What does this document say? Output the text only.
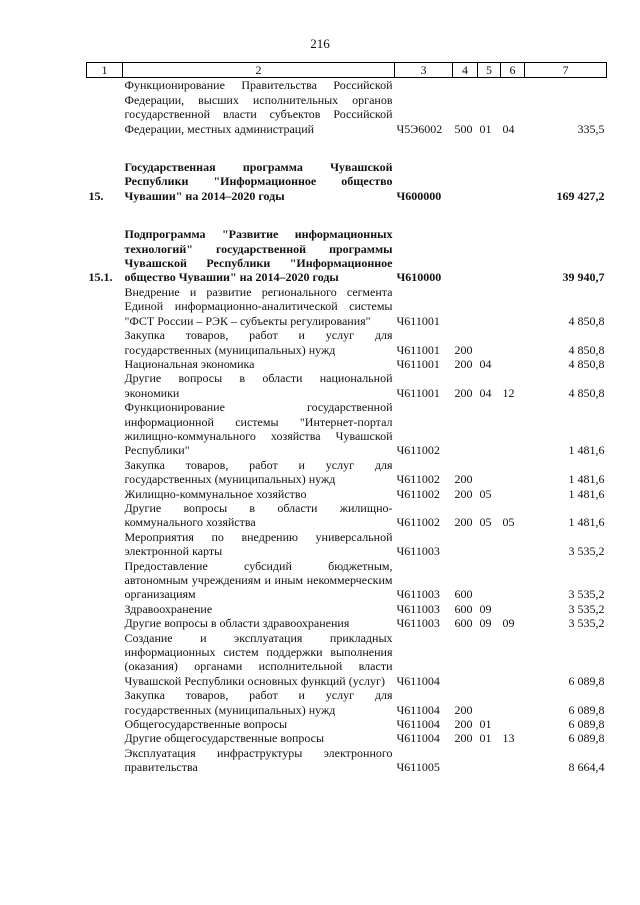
216
1	2	3	4	5	6	7
	Функционирование Правительства Российской Федерации, высших исполнительных органов государственной власти субъектов Российской Федерации, местных администраций	Ч5Э6002	500	01	04	335,5

15.	Государственная программа Чувашской Республики "Информационное общество Чувашии" на 2014–2020 годы	Ч600000				169 427,2

15.1.	Подпрограмма "Развитие информационных технологий" государственной программы Чувашской Республики "Информационное общество Чувашии" на 2014–2020 годы	Ч610000				39 940,7
	Внедрение и развитие регионального сегмента Единой информационно-аналитической системы "ФСТ России – РЭК – субъекты регулирования"	Ч611001				4 850,8
	Закупка товаров, работ и услуг для государственных (муниципальных) нужд	Ч611001	200			4 850,8
	Национальная экономика	Ч611001	200	04		4 850,8
	Другие вопросы в области национальной экономики	Ч611001	200	04	12	4 850,8
	Функционирование государственной информационной системы "Интернет-портал жилищно-коммунального хозяйства Чувашской Республики"	Ч611002				1 481,6
	Закупка товаров, работ и услуг для государственных (муниципальных) нужд	Ч611002	200			1 481,6
	Жилищно-коммунальное хозяйство	Ч611002	200	05		1 481,6
	Другие вопросы в области жилищно-коммунального хозяйства	Ч611002	200	05	05	1 481,6
	Мероприятия по внедрению универсальной электронной карты	Ч611003				3 535,2
	Предоставление субсидий бюджетным, автономным учреждениям и иным некоммерческим организациям	Ч611003	600			3 535,2
	Здравоохранение	Ч611003	600	09		3 535,2
	Другие вопросы в области здравоохранения	Ч611003	600	09	09	3 535,2
	Создание и эксплуатация прикладных информационных систем поддержки выполнения (оказания) органами исполнительной власти Чувашской Республики основных функций (услуг)	Ч611004				6 089,8
	Закупка товаров, работ и услуг для государственных (муниципальных) нужд	Ч611004	200			6 089,8
	Общегосударственные вопросы	Ч611004	200	01		6 089,8
	Другие общегосударственные вопросы	Ч611004	200	01	13	6 089,8
	Эксплуатация инфраструктуры электронного правительства	Ч611005				8 664,4
